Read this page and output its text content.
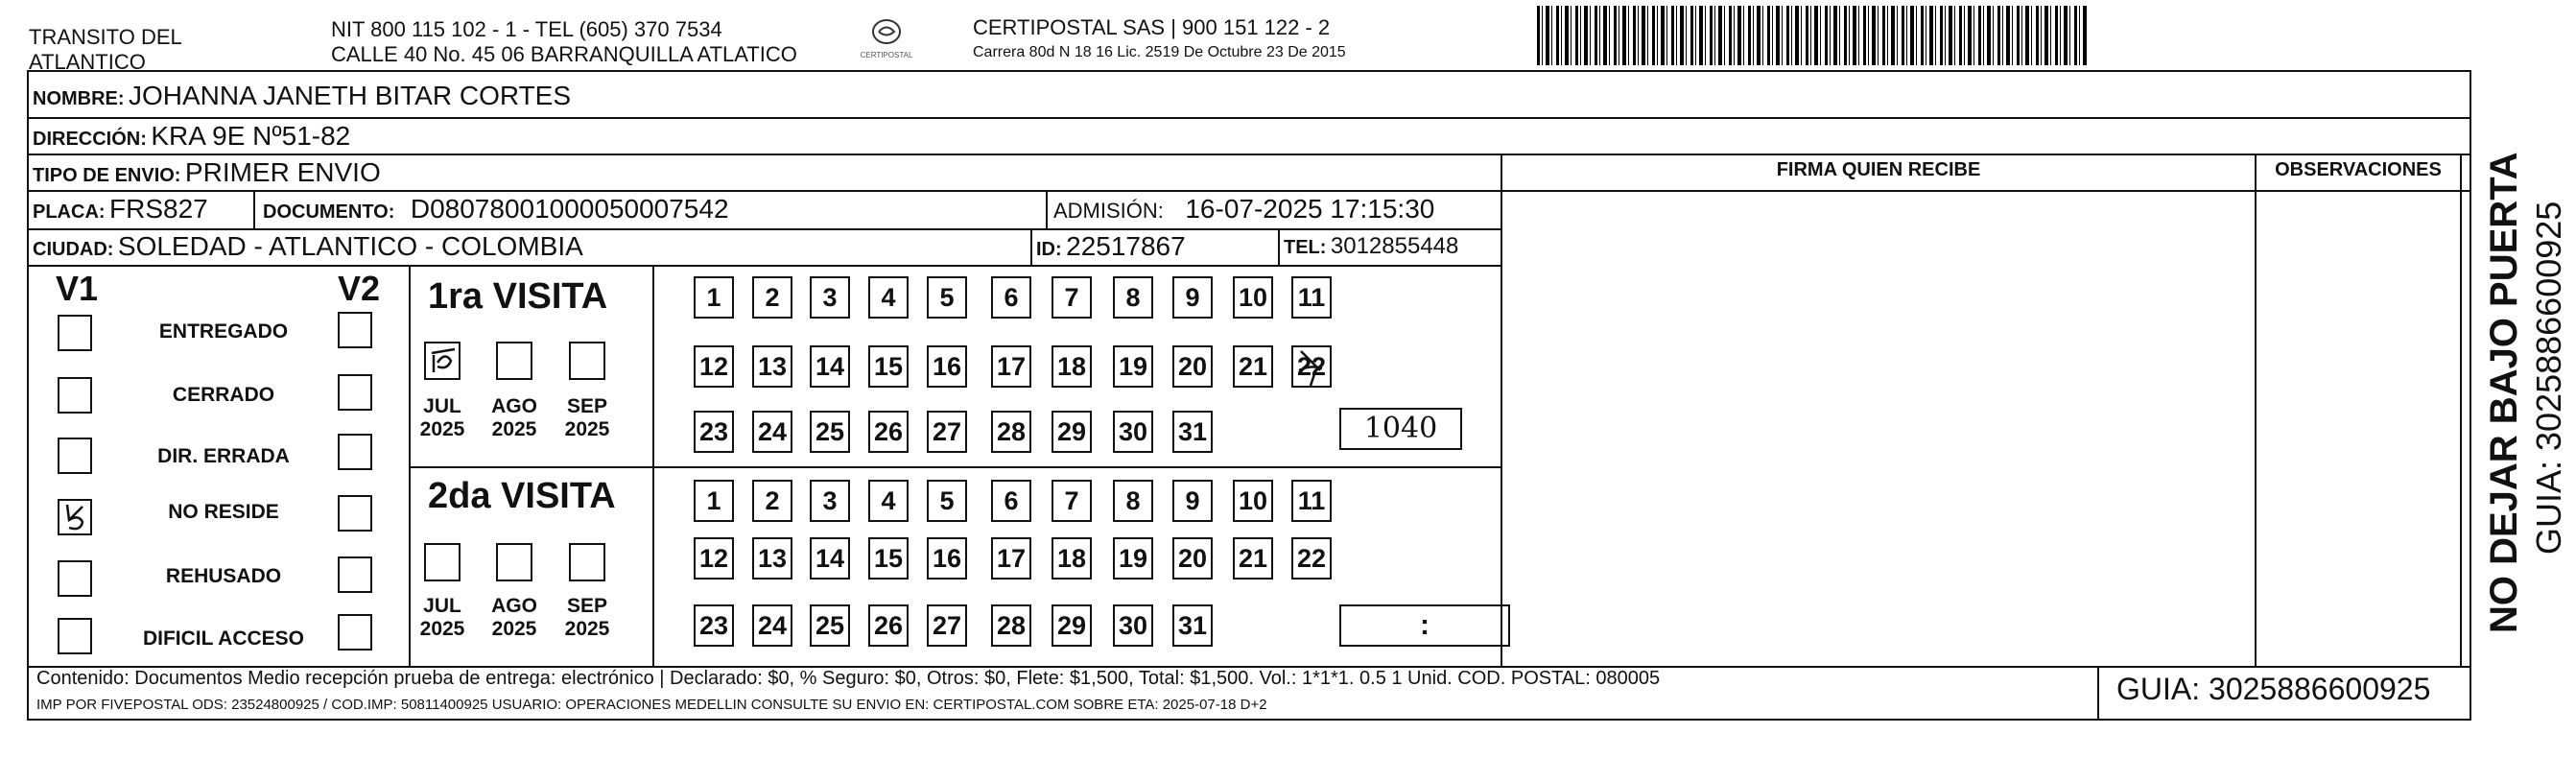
TRANSITO DEL
ATLANTICO
NIT 800 115 102 - 1 - TEL (605) 370 7534
CALLE 40 No. 45 06 BARRANQUILLA ATLATICO	CERTIPOSTAL
CERTIPOSTAL SAS | 900 151 122 - 2
Carrera 80d N 18 16 Lic. 2519 De Octubre 23 De 2015
NOMBRE: JOHANNA JANETH BITAR CORTES
DIRECCIÓN: KRA 9E Nº51-82
TIPO DE ENVIO: PRIMER ENVIO
PLACA: FRS827	DOCUMENTO: D08078001000050007542	ADMISIÓN: 16-07-2025 17:15:30
CIUDAD: SOLEDAD - ATLANTICO - COLOMBIA	ID: 22517867	TEL: 3012855448
FIRMA QUIEN RECIBE	OBSERVACIONES
V1	V2
ENTREGADO
CERRADO
DIR. ERRADA
NO RESIDE
REHUSADO
DIFICIL ACCESO
1ra VISITA
JUL
2025
AGO
2025
SEP
2025
1	2	3	4	5	6	7	8	9	10 11
12 13 14 15 16 17 18 19 20 21 22
23 24 25 26 27 28 29 30 31	1040
2da VISITA
JUL
2025
AGO
2025
SEP
2025
1	2	3	4	5	6	7	8	9	10 11
12 13 14 15 16 17 18 19 20 21 22
23 24 25 26 27 28 29 30 31	:
Contenido: Documentos Medio recepción prueba de entrega: electrónico | Declarado: $0, % Seguro: $0, Otros: $0, Flete: $1,500, Total: $1,500. Vol.: 1*1*1. 0.5 1 Unid. COD. POSTAL: 080005
IMP POR FIVEPOSTAL ODS: 23524800925 / COD.IMP: 50811400925 USUARIO: OPERACIONES MEDELLIN CONSULTE SU ENVIO EN: CERTIPOSTAL.COM SOBRE ETA: 2025-07-18 D+2	GUIA: 3025886600925
NO DEJAR BAJO PUERTA GUIA: 3025886600925
